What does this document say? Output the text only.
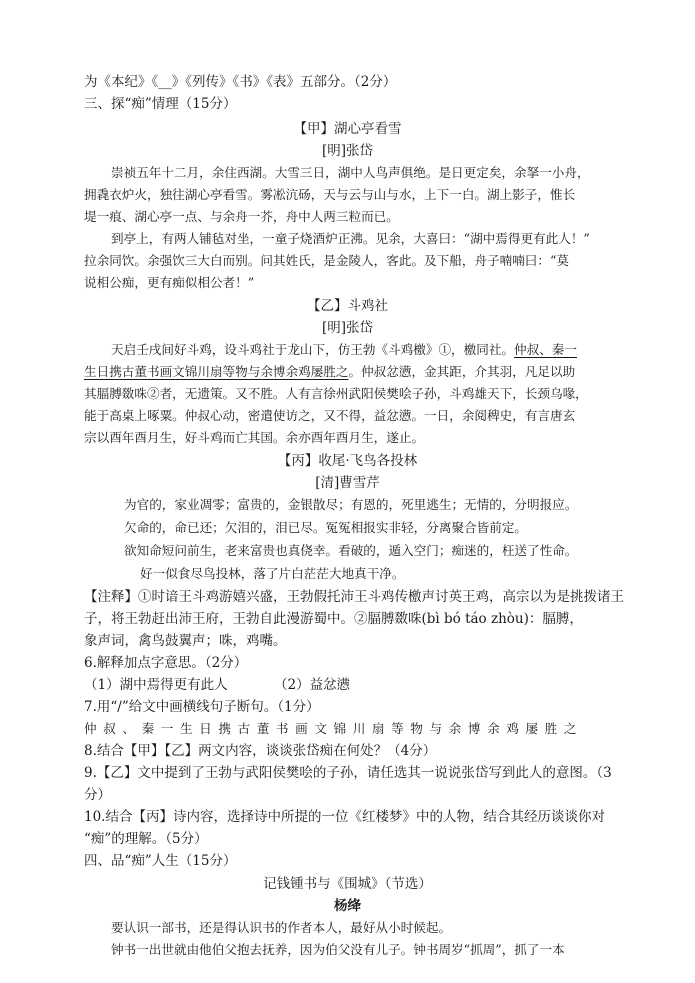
为《本纪》《__》《列传》《书》《表》五部分。（2分）
三、探“痴”情理（15分）
【甲】湖心亭看雪
[明]张岱
崇祯五年十二月，余住西湖。大雪三日，湖中人鸟声俱绝。是日更定矣，余拏一小舟，
拥毳衣炉火，独往湖心亭看雪。雾凇沆砀，天与云与山与水，上下一白。湖上影子，惟长
堤一痕、湖心亭一点、与余舟一芥，舟中人两三粒而已。
到亭上，有两人铺毡对坐，一童子烧酒炉正沸。见余，大喜曰：“湖中焉得更有此人！”
拉余同饮。余强饮三大白而别。问其姓氏，是金陵人，客此。及下船，舟子喃喃曰：“莫
说相公痴，更有痴似相公者！”
【乙】斗鸡社
[明]张岱
天启壬戌间好斗鸡，设斗鸡社于龙山下，仿王勃《斗鸡檄》①，檄同社。仲叔、秦一
生日携古董书画文锦川扇等物与余博余鸡屡胜之。仲叔忿懑，金其距，介其羽，凡足以助
其腷膊敪咮②者，无遗策。又不胜。人有言徐州武阳侯樊哙子孙，斗鸡雄天下，长颈乌喙，
能于高桌上啄粟。仲叔心动，密遣使访之，又不得，益忿懑。一日，余阅稗史，有言唐玄
宗以酉年酉月生，好斗鸡而亡其国。余亦酉年酉月生，遂止。
【丙】收尾·飞鸟各投林
[清]曹雪芹
为官的，家业凋零；富贵的，金银散尽；有恩的，死里逃生；无情的，分明报应。
欠命的，命已还；欠泪的，泪已尽。冤冤相报实非轻，分离聚合皆前定。
欲知命短问前生，老来富贵也真侥幸。看破的，遁入空门；痴迷的，枉送了性命。
好一似食尽鸟投林，落了片白茫茫大地真干净。
【注释】①时谙王斗鸡游嬉兴盛，王勃假托沛王斗鸡传檄声讨英王鸡，高宗以为是挑拨诸王
子，将王勃赶出沛王府，王勃自此漫游蜀中。②腷膊敪咮(bì bó táo zhòu)：腷膊，
象声词，禽鸟鼓翼声；咮，鸡嘴。
6.解释加点字意思。（2分）
（1）湖中焉得更有此人	（2）益忿懑
7.用“/”给文中画横线句子断句。（1分）
仲叔、秦一生日携古董书画文锦川扇等物与余博余鸡屡胜之
8.结合【甲】【乙】两文内容，谈谈张岱痴在何处？（4分）
9.【乙】文中提到了王勃与武阳侯樊哙的子孙，请任选其一说说张岱写到此人的意图。（3
分）
10.结合【丙】诗内容，选择诗中所提的一位《红楼梦》中的人物，结合其经历谈谈你对
“痴”的理解。（5分）
四、品“痴”人生（15分）
记钱锺书与《围城》（节选）
杨绛
要认识一部书，还是得认识书的作者本人，最好从小时候起。
钟书一出世就由他伯父抱去抚养，因为伯父没有儿子。钟书周岁“抓周”，抓了一本
